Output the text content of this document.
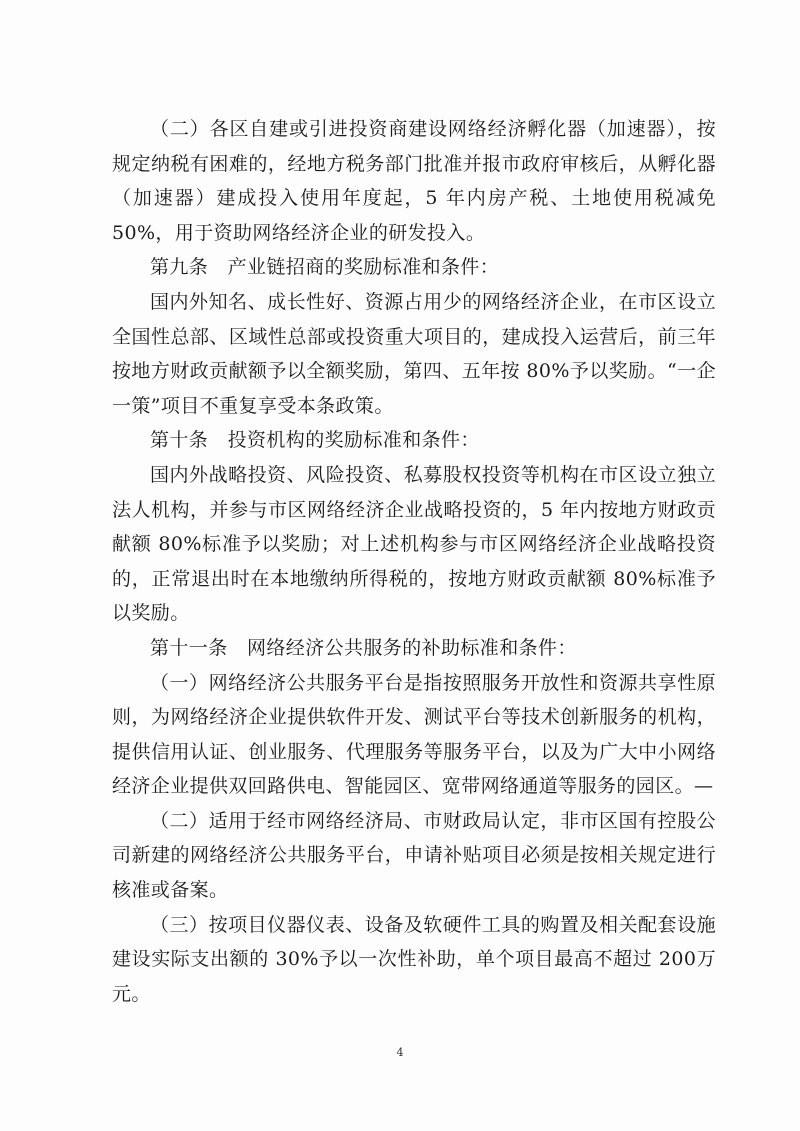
（二）各区自建或引进投资商建设网络经济孵化器（加速器），按规定纳税有困难的，经地方税务部门批准并报市政府审核后，从孵化器（加速器）建成投入使用年度起，5 年内房产税、土地使用税减免50%，用于资助网络经济企业的研发投入。

第九条　产业链招商的奖励标准和条件：

国内外知名、成长性好、资源占用少的网络经济企业，在市区设立全国性总部、区域性总部或投资重大项目的，建成投入运营后，前三年按地方财政贡献额予以全额奖励，第四、五年按 80%予以奖励。“一企一策”项目不重复享受本条政策。

第十条　投资机构的奖励标准和条件：

国内外战略投资、风险投资、私募股权投资等机构在市区设立独立法人机构，并参与市区网络经济企业战略投资的，5 年内按地方财政贡献额 80%标准予以奖励；对上述机构参与市区网络经济企业战略投资的，正常退出时在本地缴纳所得税的，按地方财政贡献额 80%标准予以奖励。

第十一条　网络经济公共服务的补助标准和条件：

（一）网络经济公共服务平台是指按照服务开放性和资源共享性原则，为网络经济企业提供软件开发、测试平台等技术创新服务的机构，提供信用认证、创业服务、代理服务等服务平台，以及为广大中小网络经济企业提供双回路供电、智能园区、宽带网络通道等服务的园区。—

（二）适用于经市网络经济局、市财政局认定，非市区国有控股公司新建的网络经济公共服务平台，申请补贴项目必须是按相关规定进行核准或备案。

（三）按项目仪器仪表、设备及软硬件工具的购置及相关配套设施建设实际支出额的 30%予以一次性补助，单个项目最高不超过 200万元。

4
